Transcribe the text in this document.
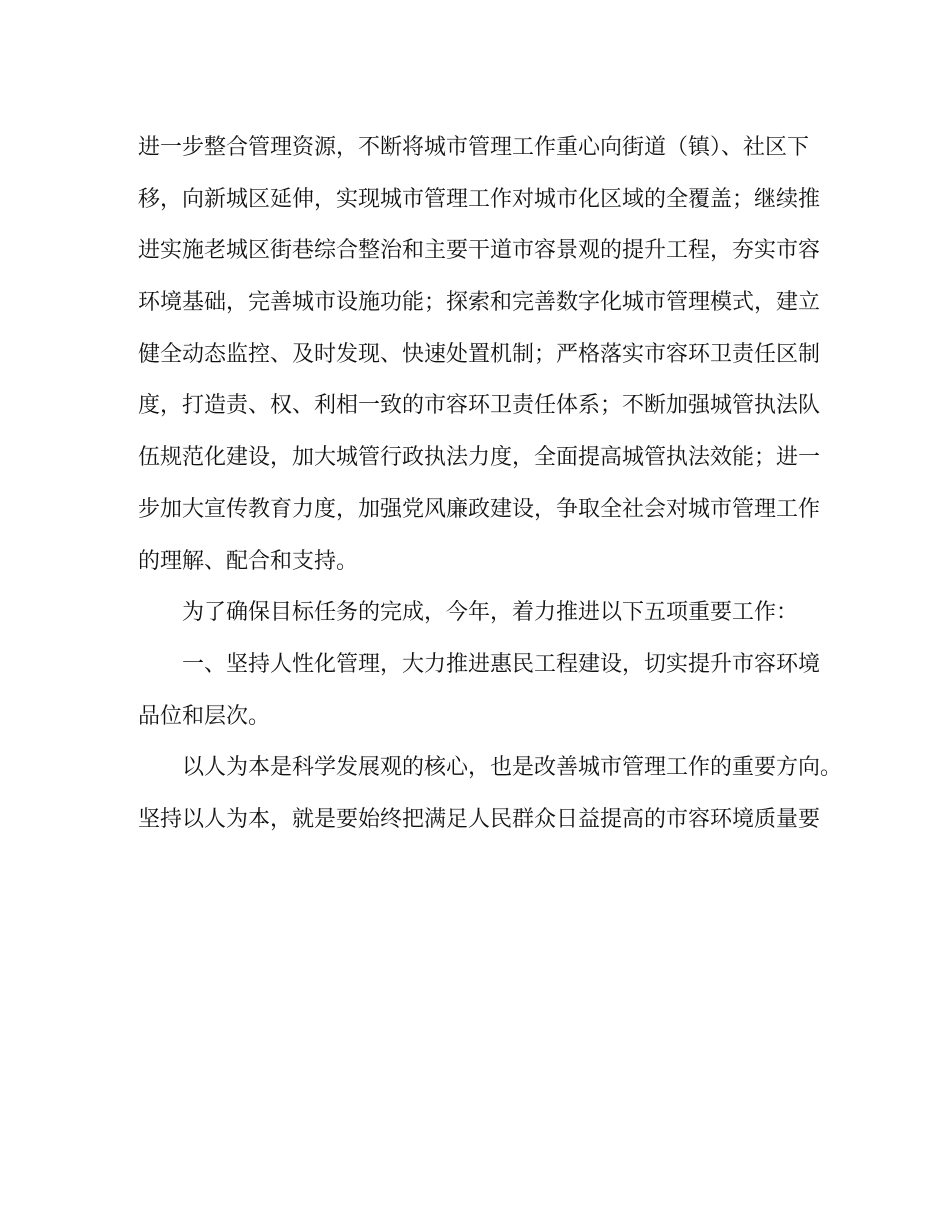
进一步整合管理资源，不断将城市管理工作重心向街道（镇）、社区下
移，向新城区延伸，实现城市管理工作对城市化区域的全覆盖；继续推
进实施老城区街巷综合整治和主要干道市容景观的提升工程，夯实市容
环境基础，完善城市设施功能；探索和完善数字化城市管理模式，建立
健全动态监控、及时发现、快速处置机制；严格落实市容环卫责任区制
度，打造责、权、利相一致的市容环卫责任体系；不断加强城管执法队
伍规范化建设，加大城管行政执法力度，全面提高城管执法效能；进一
步加大宣传教育力度，加强党风廉政建设，争取全社会对城市管理工作
的理解、配合和支持。
为了确保目标任务的完成，今年，着力推进以下五项重要工作：
一、坚持人性化管理，大力推进惠民工程建设，切实提升市容环境
品位和层次。
以人为本是科学发展观的核心，也是改善城市管理工作的重要方向。
坚持以人为本，就是要始终把满足人民群众日益提高的市容环境质量要
